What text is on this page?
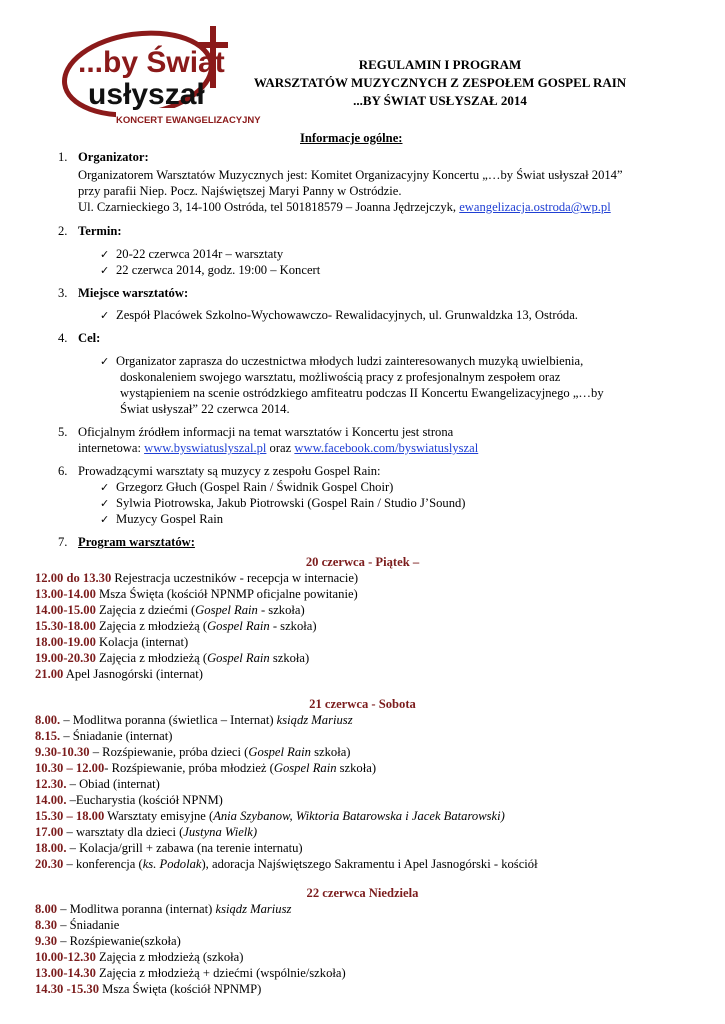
...by Świat
usłyszał
KONCERT EWANGELIZACYJNY
REGULAMIN I PROGRAM
WARSZTATÓW MUZYCZNYCH Z ZESPOŁEM GOSPEL RAIN
...BY ŚWIAT USŁYSZAŁ 2014
Informacje ogólne:
1. Organizator:
Organizatorem Warsztatów Muzycznych jest: Komitet Organizacyjny Koncertu „…by Świat usłyszał 2014”
przy parafii Niep. Pocz. Najświętszej Maryi Panny w Ostródzie.
Ul. Czarnieckiego 3, 14-100 Ostróda, tel 501818579 – Joanna Jędrzejczyk, ewangelizacja.ostroda@wp.pl
2. Termin:
✓ 20-22 czerwca 2014r – warsztaty
✓ 22 czerwca 2014, godz. 19:00 – Koncert
3. Miejsce warsztatów:
✓ Zespół Placówek Szkolno-Wychowawczo- Rewalidacyjnych, ul. Grunwaldzka 13, Ostróda.
4. Cel:
✓ Organizator zaprasza do uczestnictwa młodych ludzi zainteresowanych muzyką uwielbienia,
doskonaleniem swojego warsztatu, możliwością pracy z profesjonalnym zespołem oraz
wystąpieniem na scenie ostródzkiego amfiteatru podczas II Koncertu Ewangelizacyjnego „…by
Świat usłyszał” 22 czerwca 2014.
5. Oficjalnym źródłem informacji na temat warsztatów i Koncertu jest strona
internetowa: www.byswiatuslyszal.pl oraz www.facebook.com/byswiatuslyszal
6. Prowadzącymi warsztaty są muzycy z zespołu Gospel Rain:
✓ Grzegorz Głuch (Gospel Rain / Świdnik Gospel Choir)
✓ Sylwia Piotrowska, Jakub Piotrowski (Gospel Rain / Studio J’Sound)
✓ Muzycy Gospel Rain
7. Program warsztatów:
20 czerwca - Piątek –
12.00 do 13.30 Rejestracja uczestników - recepcja w internacie)
13.00-14.00 Msza Święta (kościół NPNMP oficjalne powitanie)
14.00-15.00 Zajęcia z dziećmi (Gospel Rain - szkoła)
15.30-18.00 Zajęcia z młodzieżą (Gospel Rain - szkoła)
18.00-19.00 Kolacja (internat)
19.00-20.30 Zajęcia z młodzieżą (Gospel Rain szkoła)
21.00 Apel Jasnogórski (internat)
21 czerwca - Sobota
8.00. – Modlitwa poranna (świetlica – Internat) ksiądz Mariusz
8.15. – Śniadanie (internat)
9.30-10.30 – Rozśpiewanie, próba dzieci (Gospel Rain szkoła)
10.30 – 12.00- Rozśpiewanie, próba młodzież (Gospel Rain szkoła)
12.30. – Obiad (internat)
14.00. –Eucharystia (kościół NPNM)
15.30 – 18.00 Warsztaty emisyjne (Ania Szybanow, Wiktoria Batarowska i Jacek Batarowski)
17.00 – warsztaty dla dzieci (Justyna Wielk)
18.00. – Kolacja/grill + zabawa (na terenie internatu)
20.30 – konferencja (ks. Podolak), adoracja Najświętszego Sakramentu i Apel Jasnogórski - kościół
22 czerwca Niedziela
8.00 – Modlitwa poranna (internat) ksiądz Mariusz
8.30 – Śniadanie
9.30 – Rozśpiewanie(szkoła)
10.00-12.30 Zajęcia z młodzieżą (szkoła)
13.00-14.30 Zajęcia z młodzieżą + dziećmi (wspólnie/szkoła)
14.30 -15.30 Msza Święta (kościół NPNMP)
